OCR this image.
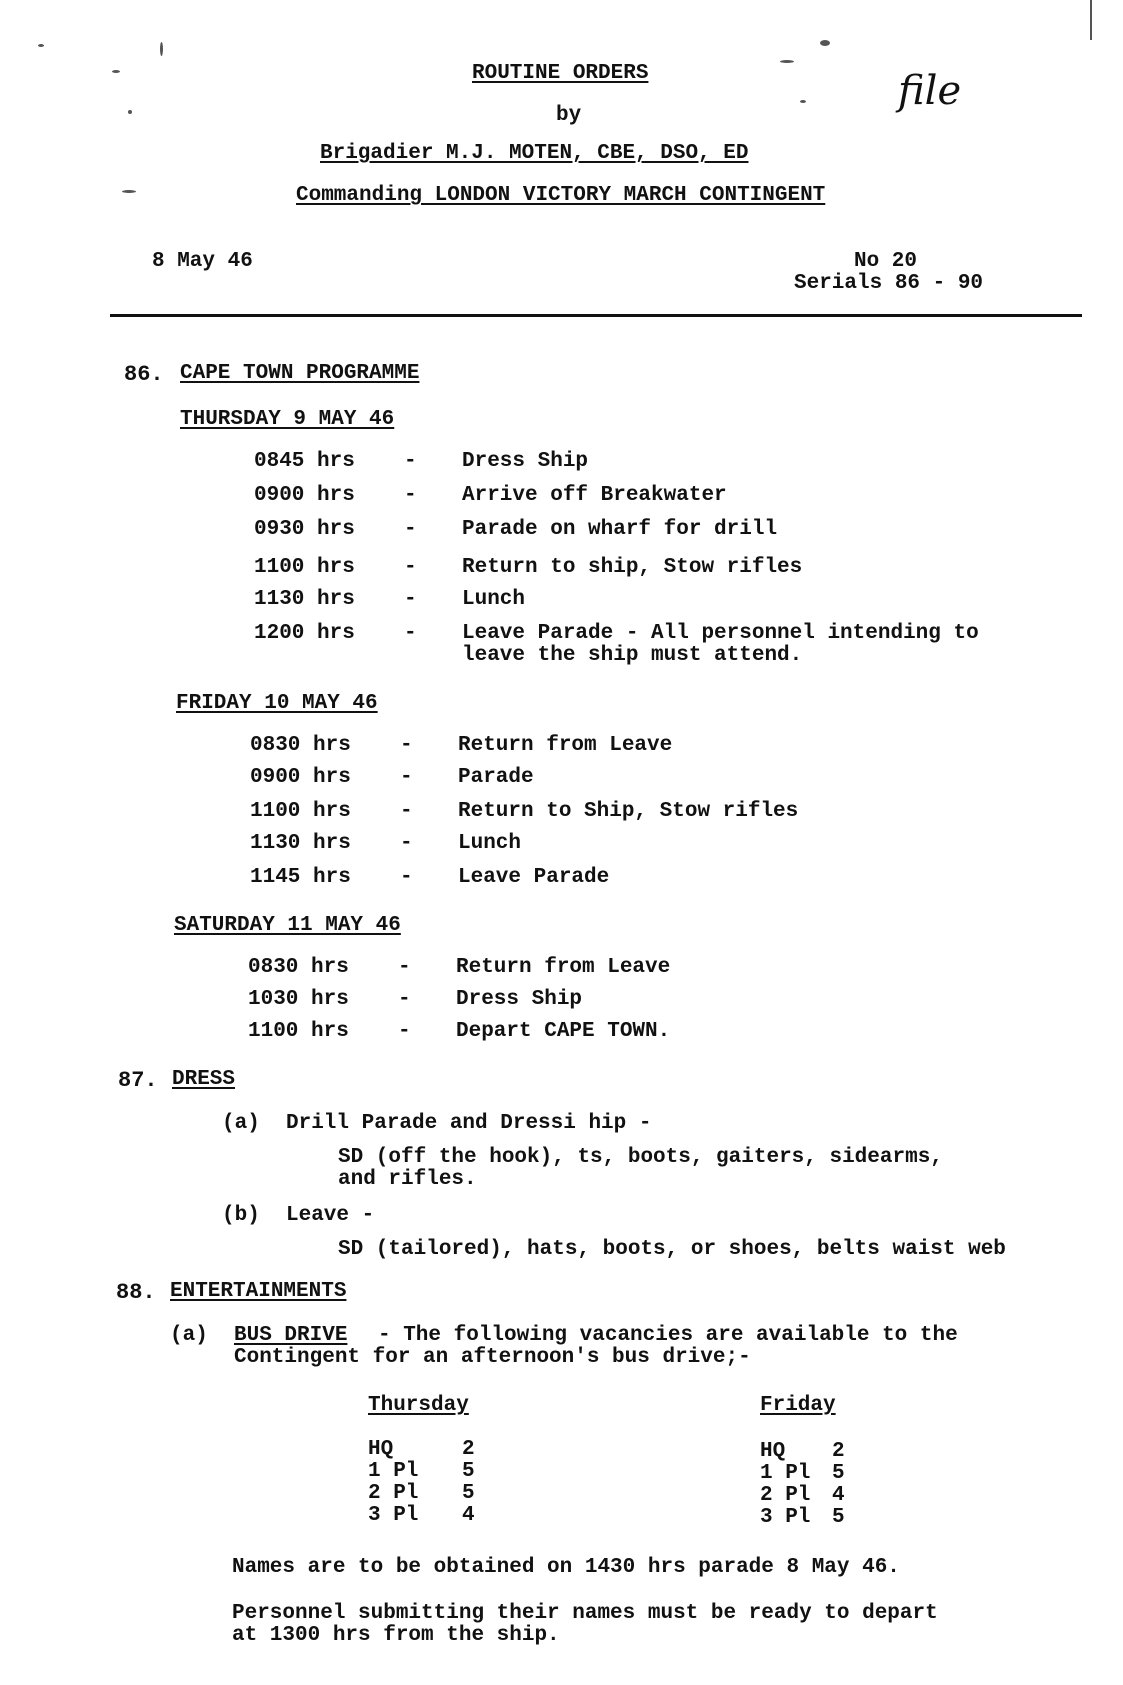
ROUTINE ORDERS
by
Brigadier M.J. MOTEN, CBE, DSO, ED
Commanding LONDON VICTORY MARCH CONTINGENT
file
8 May 46	No 20
Serials 86 - 90
86. CAPE TOWN PROGRAMME
THURSDAY 9 MAY 46
0845 hrs - Dress Ship
0900 hrs - Arrive off Breakwater
0930 hrs - Parade on wharf for drill
1100 hrs - Return to ship, Stow rifles
1130 hrs - Lunch
1200 hrs - Leave Parade - All personnel intending to
leave the ship must attend.
FRIDAY 10 MAY 46
0830 hrs - Return from Leave
0900 hrs - Parade
1100 hrs - Return to Ship, Stow rifles
1130 hrs - Lunch
1145 hrs - Leave Parade
SATURDAY 11 MAY 46
0830 hrs - Return from Leave
1030 hrs - Dress Ship
1100 hrs - Depart CAPE TOWN.
87. DRESS
(a) Drill Parade and Dressi hip -
SD (off the hook), ts, boots, gaiters, sidearms,
and rifles.
(b) Leave -
SD (tailored), hats, boots, or shoes, belts waist web
88. ENTERTAINMENTS
(a) BUS DRIVE - The following vacancies are available to the
Contingent for an afternoon's bus drive;-
Thursday
HQ	2
1 Pl 5
2 Pl 5
3 Pl 4
Friday
HQ 2
1 Pl 5
2 Pl 4
3 Pl 5
Names are to be obtained on 1430 hrs parade 8 May 46.
Personnel submitting their names must be ready to depart
at 1300 hrs from the ship.
